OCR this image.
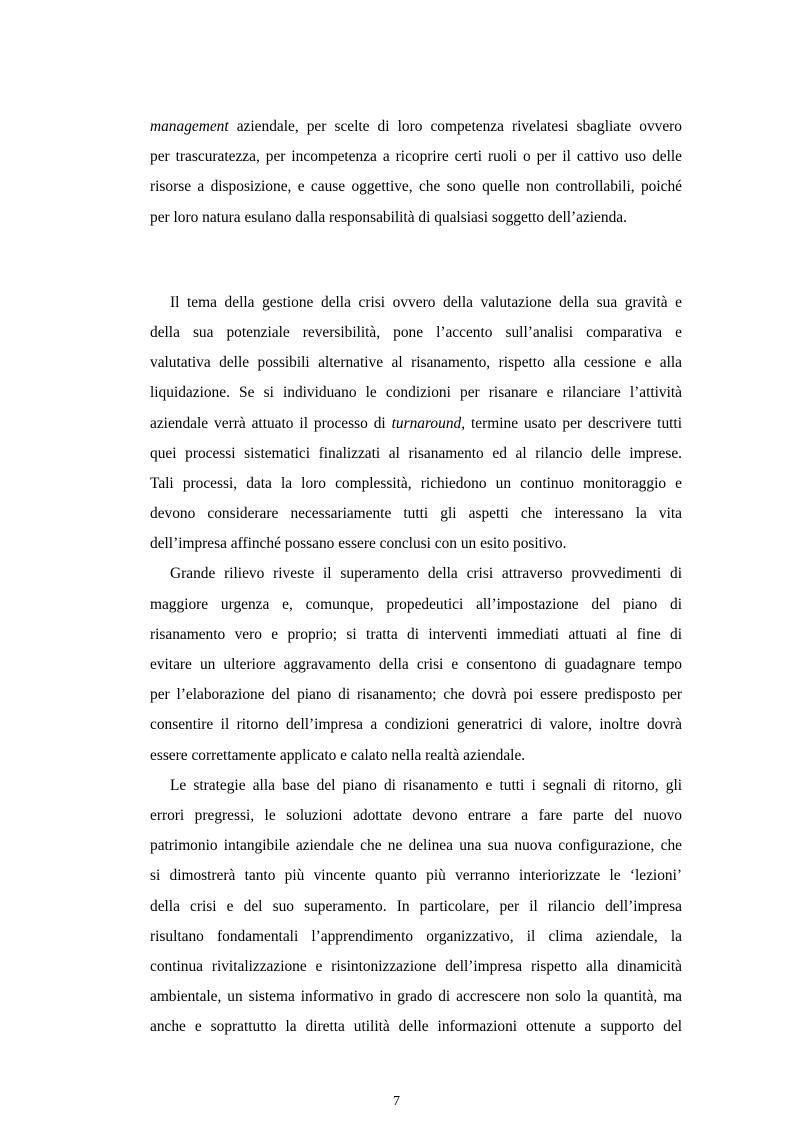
management aziendale, per scelte di loro competenza rivelatesi sbagliate ovvero
per trascuratezza, per incompetenza a ricoprire certi ruoli o per il cattivo uso delle
risorse a disposizione, e cause oggettive, che sono quelle non controllabili, poiché
per loro natura esulano dalla responsabilità di qualsiasi soggetto dell’azienda.
Il tema della gestione della crisi ovvero della valutazione della sua gravità e
della sua potenziale reversibilità, pone l’accento sull’analisi comparativa e
valutativa delle possibili alternative al risanamento, rispetto alla cessione e alla
liquidazione. Se si individuano le condizioni per risanare e rilanciare l’attività
aziendale verrà attuato il processo di turnaround, termine usato per descrivere tutti
quei processi sistematici finalizzati al risanamento ed al rilancio delle imprese.
Tali processi, data la loro complessità, richiedono un continuo monitoraggio e
devono considerare necessariamente tutti gli aspetti che interessano la vita
dell’impresa affinché possano essere conclusi con un esito positivo.
Grande rilievo riveste il superamento della crisi attraverso provvedimenti di
maggiore urgenza e, comunque, propedeutici all’impostazione del piano di
risanamento vero e proprio; si tratta di interventi immediati attuati al fine di
evitare un ulteriore aggravamento della crisi e consentono di guadagnare tempo
per l’elaborazione del piano di risanamento; che dovrà poi essere predisposto per
consentire il ritorno dell’impresa a condizioni generatrici di valore, inoltre dovrà
essere correttamente applicato e calato nella realtà aziendale.
Le strategie alla base del piano di risanamento e tutti i segnali di ritorno, gli
errori pregressi, le soluzioni adottate devono entrare a fare parte del nuovo
patrimonio intangibile aziendale che ne delinea una sua nuova configurazione, che
si dimostrerà tanto più vincente quanto più verranno interiorizzate le ‘lezioni’
della crisi e del suo superamento. In particolare, per il rilancio dell’impresa
risultano fondamentali l’apprendimento organizzativo, il clima aziendale, la
continua rivitalizzazione e risintonizzazione dell’impresa rispetto alla dinamicità
ambientale, un sistema informativo in grado di accrescere non solo la quantità, ma
anche e soprattutto la diretta utilità delle informazioni ottenute a supporto del
7
